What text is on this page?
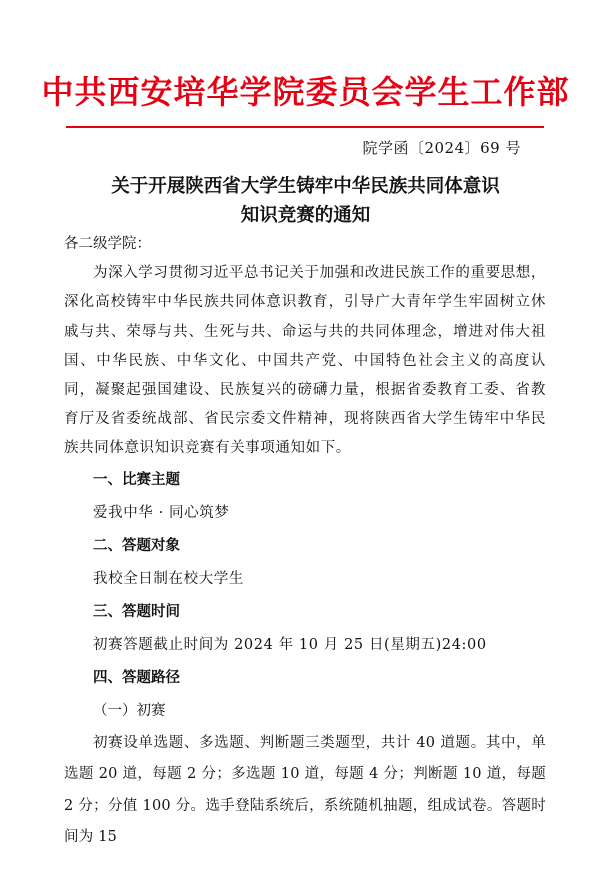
中共西安培华学院委员会学生工作部
院学函〔2024〕69 号
关于开展陕西省大学生铸牢中华民族共同体意识
知识竞赛的通知
各二级学院：

为深入学习贯彻习近平总书记关于加强和改进民族工作的重要思想，深化高校铸牢中华民族共同体意识教育，引导广大青年学生牢固树立休戚与共、荣辱与共、生死与共、命运与共的共同体理念，增进对伟大祖国、中华民族、中华文化、中国共产党、中国特色社会主义的高度认同，凝聚起强国建设、民族复兴的磅礴力量，根据省委教育工委、省教育厅及省委统战部、省民宗委文件精神，现将陕西省大学生铸牢中华民族共同体意识知识竞赛有关事项通知如下。

一、比赛主题
爱我中华 · 同心筑梦
二、答题对象
我校全日制在校大学生
三、答题时间
初赛答题截止时间为 2024 年 10 月 25 日(星期五)24:00
四、答题路径
（一）初赛

初赛设单选题、多选题、判断题三类题型，共计 40 道题。其中，单选题 20 道，每题 2 分；多选题 10 道，每题 4 分；判断题 10 道，每题 2 分；分值 100 分。选手登陆系统后，系统随机抽题，组成试卷。答题时间为 15
